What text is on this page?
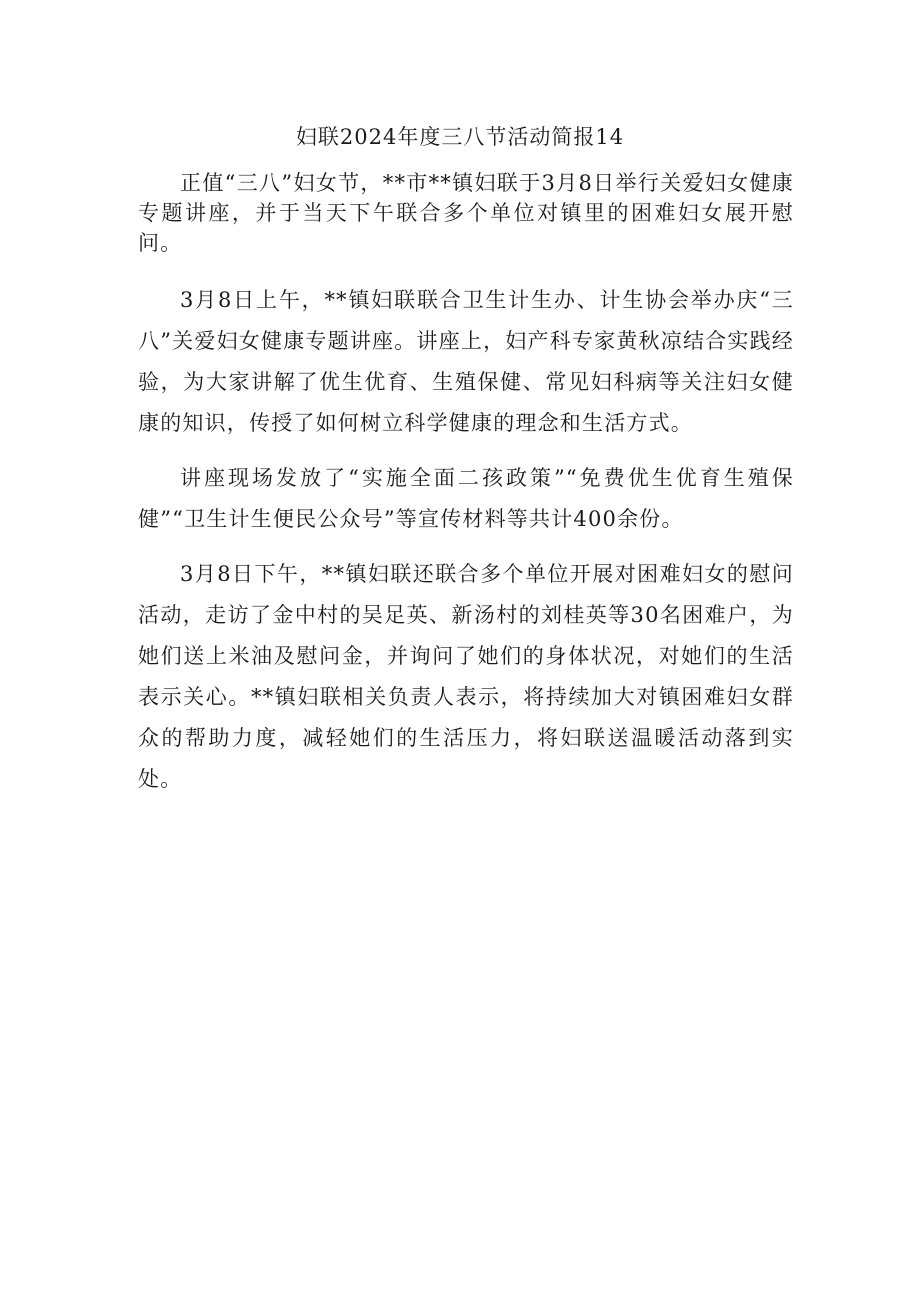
妇联2024年度三八节活动简报14

正值“三八”妇女节，**市**镇妇联于3月8日举行关爱妇女健康专题讲座，并于当天下午联合多个单位对镇里的困难妇女展开慰问。

3月8日上午，**镇妇联联合卫生计生办、计生协会举办庆“三八”关爱妇女健康专题讲座。讲座上，妇产科专家黄秋凉结合实践经验，为大家讲解了优生优育、生殖保健、常见妇科病等关注妇女健康的知识，传授了如何树立科学健康的理念和生活方式。

讲座现场发放了“实施全面二孩政策”“免费优生优育生殖保健”“卫生计生便民公众号”等宣传材料等共计400余份。

3月8日下午，**镇妇联还联合多个单位开展对困难妇女的慰问活动，走访了金中村的吴足英、新汤村的刘桂英等30名困难户，为她们送上米油及慰问金，并询问了她们的身体状况，对她们的生活表示关心。**镇妇联相关负责人表示，将持续加大对镇困难妇女群众的帮助力度，减轻她们的生活压力，将妇联送温暖活动落到实处。
